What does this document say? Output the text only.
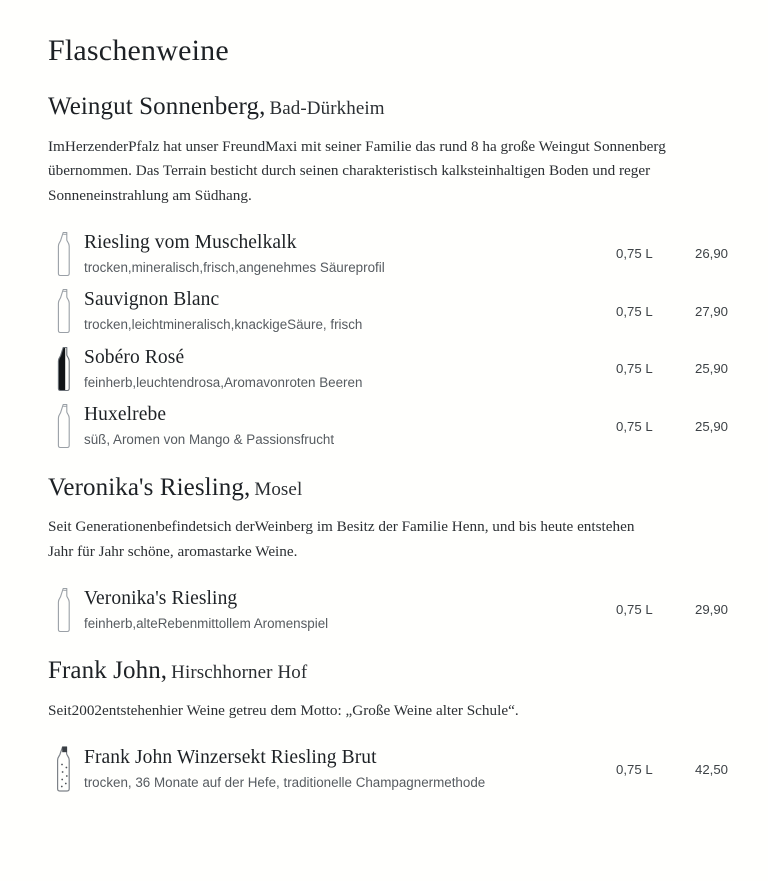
Flaschenweine
Weingut Sonnenberg, Bad-Dürkheim

ImHerzenderPfalz hat unser FreundMaxi mit seiner Familie das rund 8 ha große Weingut Sonnenberg übernommen. Das Terrain besticht durch seinen charakteristisch kalksteinhaltigen Boden und reger Sonneneinstrahlung am Südhang.

Riesling vom Muschelkalk
trocken,mineralisch,frisch,angenehmes Säureprofil
0,75 L	26,90
Sauvignon Blanc
trocken,leichtmineralisch,knackigeSäure, frisch
0,75 L	27,90
Sobéro Rosé
feinherb,leuchtendrosa,Aromavonroten Beeren
0,75 L	25,90
Huxelrebe
süß, Aromen von Mango & Passionsfrucht
0,75 L	25,90
Veronika's Riesling, Mosel

Seit Generationenbefindetsich derWeinberg im Besitz der Familie Henn, und bis heute entstehen Jahr für Jahr schöne, aromastarke Weine.

Veronika's Riesling
feinherb,alteRebenmittollem Aromenspiel
0,75 L	29,90
Frank John, Hirschhorner Hof

Seit2002entstehenhier Weine getreu dem Motto: „Große Weine alter Schule“.

Frank John Winzersekt Riesling Brut
trocken, 36 Monate auf der Hefe, traditionelle Champagnermethode
0,75 L	42,50
